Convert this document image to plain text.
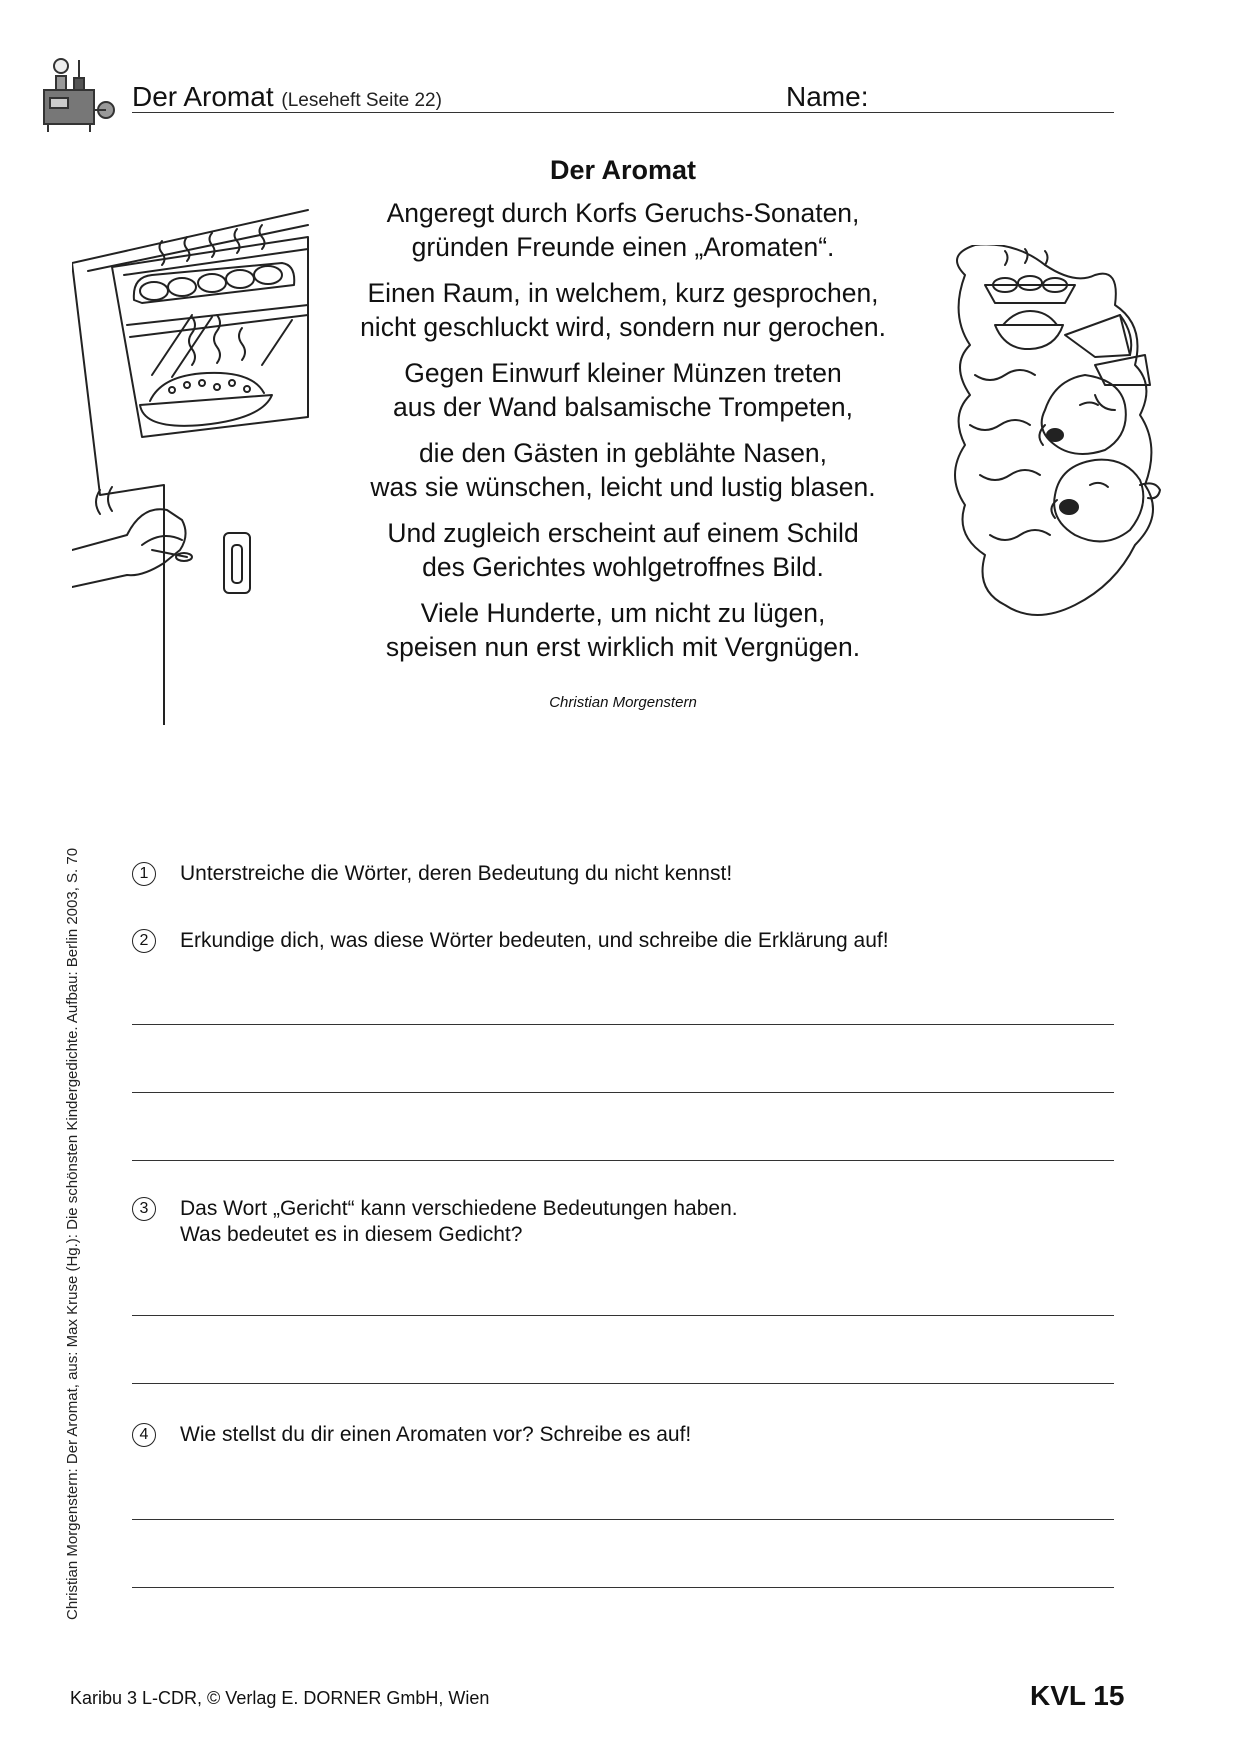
Der Aromat (Leseheft Seite 22)	Name:
Der Aromat
Angeregt durch Korfs Geruchs-Sonaten,
gründen Freunde einen „Aromaten“.
Einen Raum, in welchem, kurz gesprochen,
nicht geschluckt wird, sondern nur gerochen.
Gegen Einwurf kleiner Münzen treten
aus der Wand balsamische Trompeten,
die den Gästen in geblähte Nasen,
was sie wünschen, leicht und lustig blasen.
Und zugleich erscheint auf einem Schild
des Gerichtes wohlgetroffnes Bild.
Viele Hunderte, um nicht zu lügen,
speisen nun erst wirklich mit Vergnügen.
Christian Morgenstern
Christian Morgenstern: Der Aromat, aus: Max Kruse (Hg.): Die schönsten Kindergedichte. Aufbau: Berlin 2003, S. 70	1	Unterstreiche die Wörter, deren Bedeutung du nicht kennst!
2	Erkundige dich, was diese Wörter bedeuten, und schreibe die Erklärung auf!
3	Das Wort „Gericht“ kann verschiedene Bedeutungen haben.
Was bedeutet es in diesem Gedicht?
4	Wie stellst du dir einen Aromaten vor? Schreibe es auf!
Karibu 3 L-CDR, © Verlag E. DORNER GmbH, Wien	KVL 15
